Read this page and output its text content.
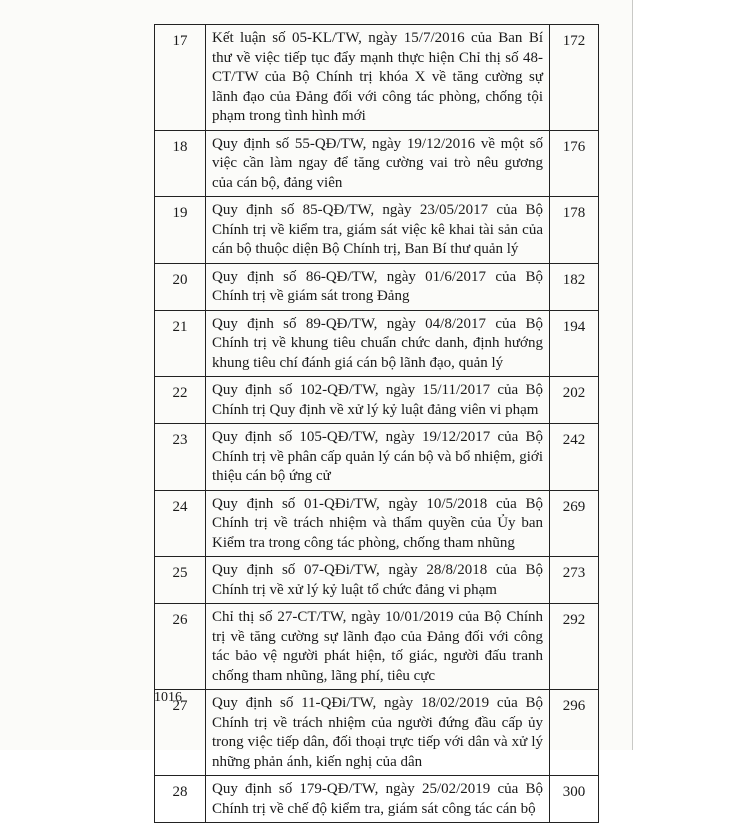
17	Kết luận số 05-KL/TW, ngày 15/7/2016 của Ban Bí thư về việc tiếp tục đẩy mạnh thực hiện Chỉ thị số 48-CT/TW của Bộ Chính trị khóa X về tăng cường sự lãnh đạo của Đảng đối với công tác phòng, chống tội phạm trong tình hình mới	172
18	Quy định số 55-QĐ/TW, ngày 19/12/2016 về một số việc cần làm ngay để tăng cường vai trò nêu gương của cán bộ, đảng viên	176
19	Quy định số 85-QĐ/TW, ngày 23/05/2017 của Bộ Chính trị về kiểm tra, giám sát việc kê khai tài sản của cán bộ thuộc diện Bộ Chính trị, Ban Bí thư quản lý	178
20	Quy định số 86-QĐ/TW, ngày 01/6/2017 của Bộ Chính trị về giám sát trong Đảng	182
21	Quy định số 89-QĐ/TW, ngày 04/8/2017 của Bộ Chính trị về khung tiêu chuẩn chức danh, định hướng khung tiêu chí đánh giá cán bộ lãnh đạo, quản lý	194
22	Quy định số 102-QĐ/TW, ngày 15/11/2017 của Bộ Chính trị Quy định về xử lý kỷ luật đảng viên vi phạm	202
23	Quy định số 105-QĐ/TW, ngày 19/12/2017 của Bộ Chính trị về phân cấp quản lý cán bộ và bổ nhiệm, giới thiệu cán bộ ứng cử	242
24	Quy định số 01-QĐi/TW, ngày 10/5/2018 của Bộ Chính trị về trách nhiệm và thẩm quyền của Ủy ban Kiểm tra trong công tác phòng, chống tham nhũng	269
25	Quy định số 07-QĐi/TW, ngày 28/8/2018 của Bộ Chính trị về xử lý kỷ luật tổ chức đảng vi phạm	273
26	Chỉ thị số 27-CT/TW, ngày 10/01/2019 của Bộ Chính trị về tăng cường sự lãnh đạo của Đảng đối với công tác bảo vệ người phát hiện, tố giác, người đấu tranh chống tham nhũng, lãng phí, tiêu cực	292
27	Quy định số 11-QĐi/TW, ngày 18/02/2019 của Bộ Chính trị về trách nhiệm của người đứng đầu cấp ủy trong việc tiếp dân, đối thoại trực tiếp với dân và xử lý những phản ánh, kiến nghị của dân	296
28	Quy định số 179-QĐ/TW, ngày 25/02/2019 của Bộ Chính trị về chế độ kiểm tra, giám sát công tác cán bộ	300
1016
